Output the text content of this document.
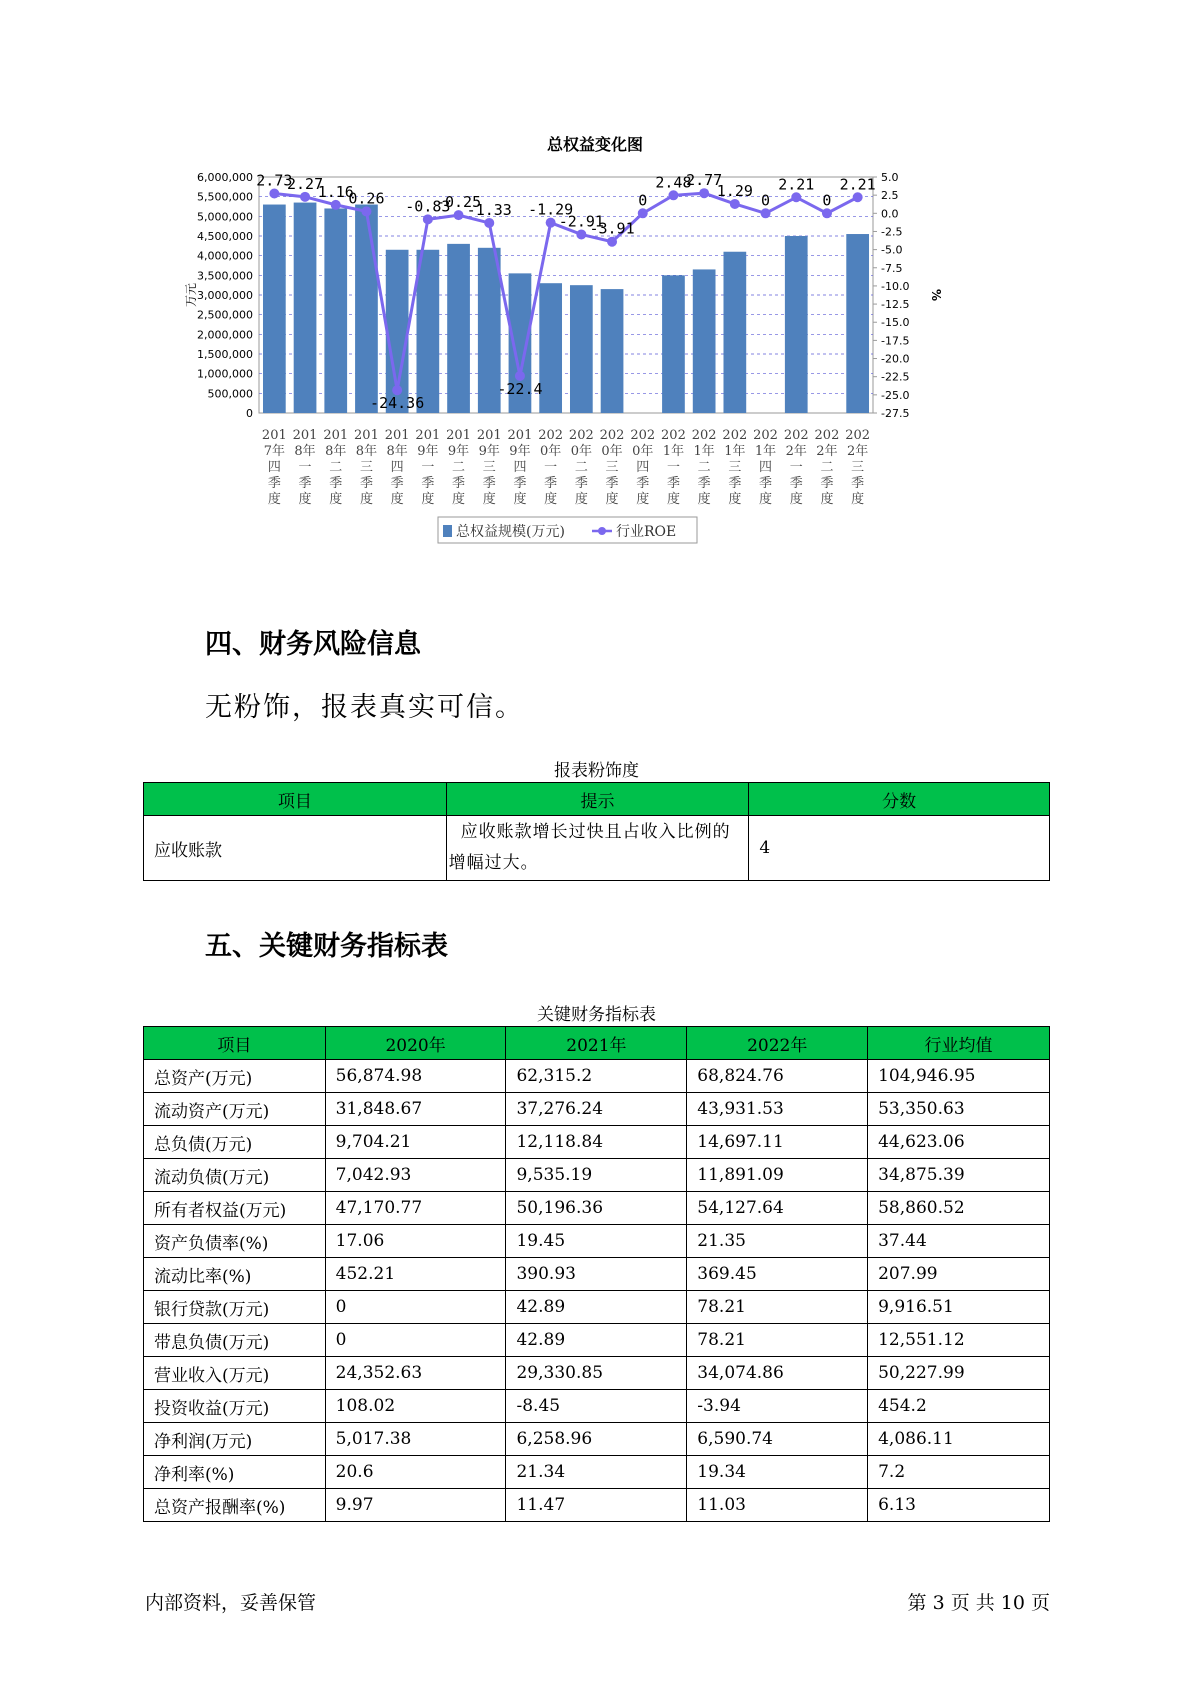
总权益变化图
0
500,000
1,000,000
1,500,000
2,000,000
2,500,000
3,000,000
3,500,000
4,000,000
4,500,000
5,000,000
5,500,000
6,000,000	5.0
2.5
0.0
-2.5
-5.0
-7.5
-10.0
-12.5
-15.0
-17.5
-20.0
-22.5
-25.0
-27.5
万元	%
2.73
2.27
1.16
0.26
-24.36
-0.83
-0.25
-1.33
-22.4
-1.29
-2.91
-3.91
0
2.48
2.77
1.29
0
2.21
0
2.21
201
7年
四
季
度
201
8年
一
季
度
201
8年
二
季
度
201
8年
三
季
度
201
8年
四
季
度
201
9年
一
季
度
201
9年
二
季
度
201
9年
三
季
度
201
9年
四
季
度
202
0年
一
季
度
202
0年
二
季
度
202
0年
三
季
度
202
0年
四
季
度
202
1年
一
季
度
202
1年
二
季
度
202
1年
三
季
度
202
1年
四
季
度
202
2年
一
季
度
202
2年
二
季
度
202
2年
三
季
度
总权益规模(万元)	行业ROE
四、财务风险信息
无粉饰，报表真实可信。
报表粉饰度
项目	提示	分数
应收账款	应收账款增长过快且占收入比例的增幅过大。	4
五、关键财务指标表
关键财务指标表
项目	2020年	2021年	2022年	行业均值
总资产(万元)	56,874.98	62,315.2	68,824.76	104,946.95
流动资产(万元)	31,848.67	37,276.24	43,931.53	53,350.63
总负债(万元)	9,704.21	12,118.84	14,697.11	44,623.06
流动负债(万元)	7,042.93	9,535.19	11,891.09	34,875.39
所有者权益(万元)	47,170.77	50,196.36	54,127.64	58,860.52
资产负债率(%)	17.06	19.45	21.35	37.44
流动比率(%)	452.21	390.93	369.45	207.99
银行贷款(万元)	0	42.89	78.21	9,916.51
带息负债(万元)	0	42.89	78.21	12,551.12
营业收入(万元)	24,352.63	29,330.85	34,074.86	50,227.99
投资收益(万元)	108.02	-8.45	-3.94	454.2
净利润(万元)	5,017.38	6,258.96	6,590.74	4,086.11
净利率(%)	20.6	21.34	19.34	7.2
总资产报酬率(%)	9.97	11.47	11.03	6.13
内部资料，妥善保管	第 3 页 共 10 页
